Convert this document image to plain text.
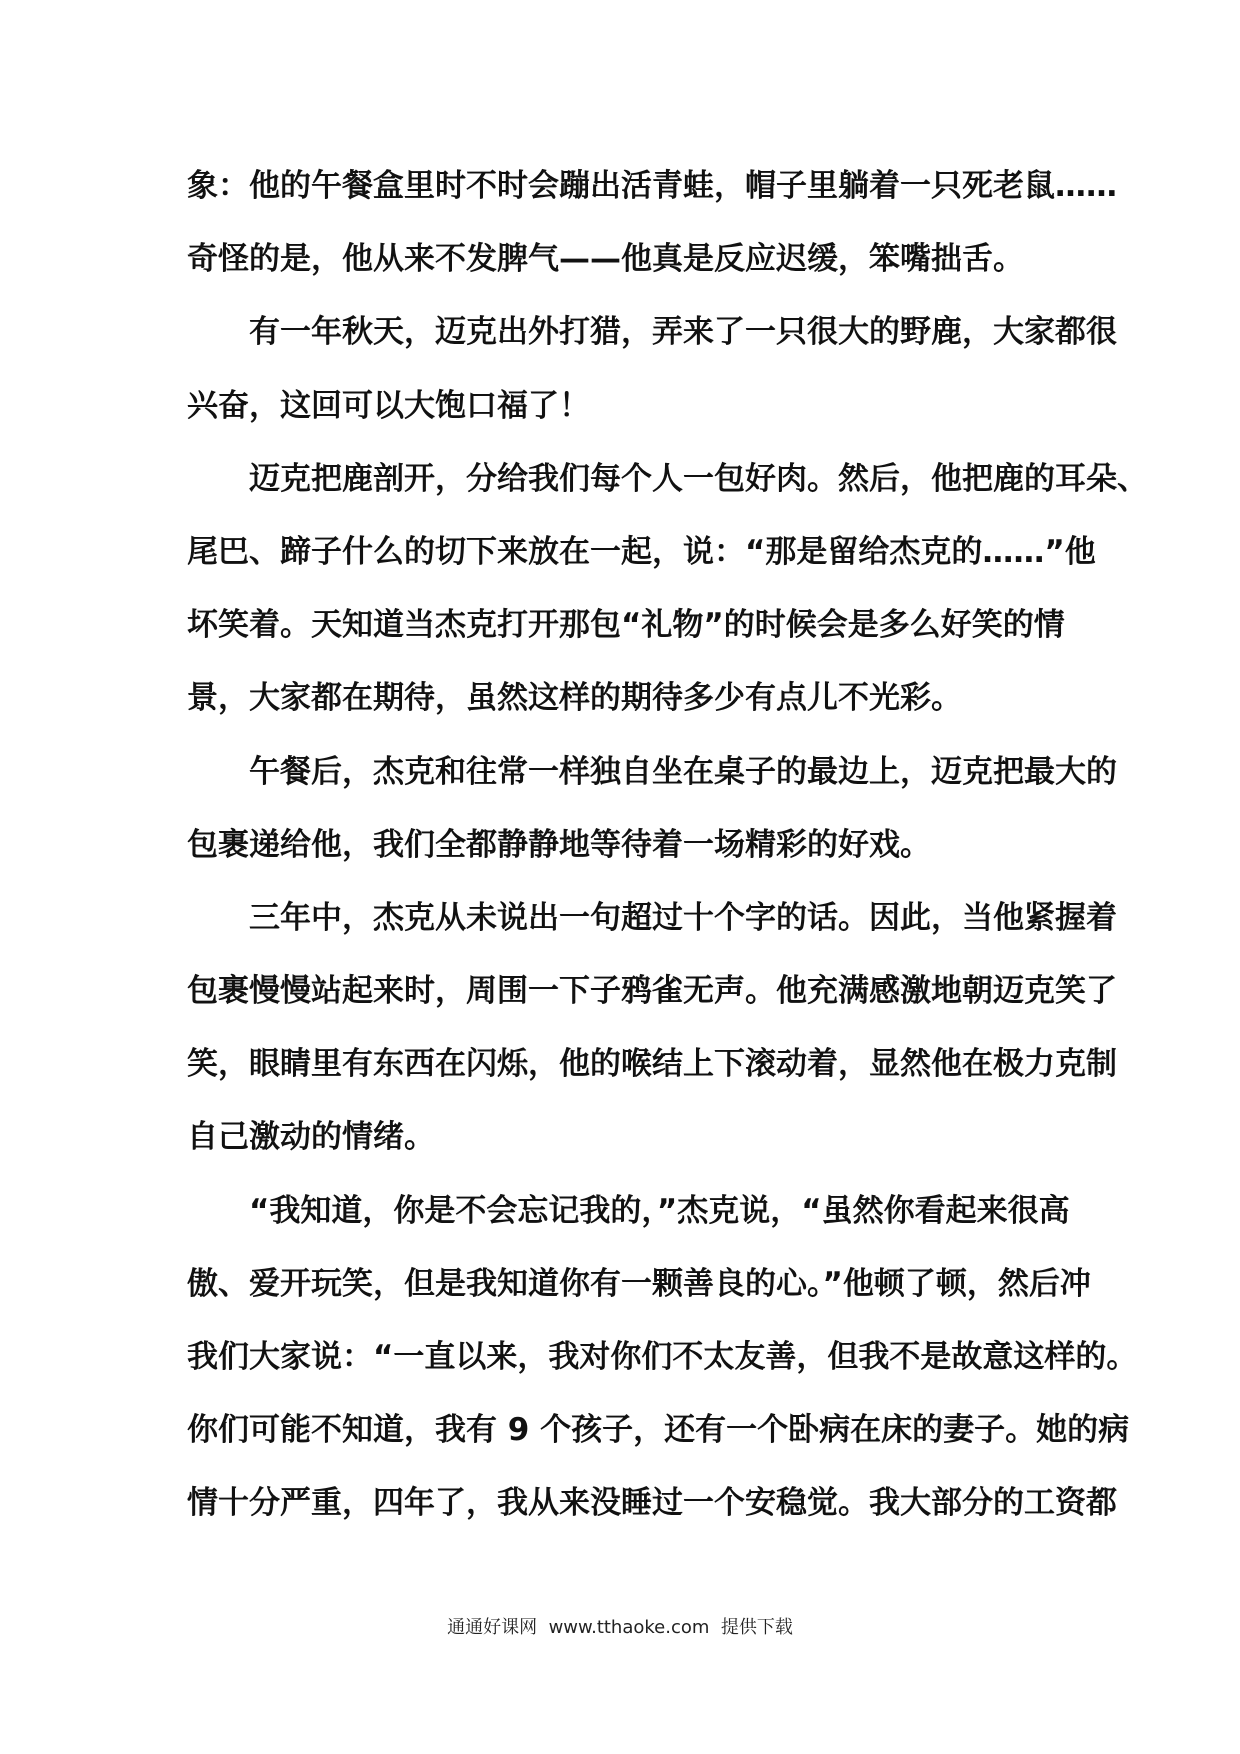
象：他的午餐盒里时不时会蹦出活青蛙，帽子里躺着一只死老鼠……
奇怪的是，他从来不发脾气——他真是反应迟缓，笨嘴拙舌。
有一年秋天，迈克出外打猎，弄来了一只很大的野鹿，大家都很
兴奋，这回可以大饱口福了！
迈克把鹿剖开，分给我们每个人一包好肉。然后，他把鹿的耳朵、
尾巴、蹄子什么的切下来放在一起，说：“那是留给杰克的……”他
坏笑着。天知道当杰克打开那包“礼物”的时候会是多么好笑的情
景，大家都在期待，虽然这样的期待多少有点儿不光彩。
午餐后，杰克和往常一样独自坐在桌子的最边上，迈克把最大的
包裹递给他，我们全都静静地等待着一场精彩的好戏。
三年中，杰克从未说出一句超过十个字的话。因此，当他紧握着
包裹慢慢站起来时，周围一下子鸦雀无声。他充满感激地朝迈克笑了
笑，眼睛里有东西在闪烁，他的喉结上下滚动着，显然他在极力克制
自己激动的情绪。
“我知道，你是不会忘记我的，”杰克说，“虽然你看起来很高
傲、爱开玩笑，但是我知道你有一颗善良的心。”他顿了顿，然后冲
我们大家说：“一直以来，我对你们不太友善，但我不是故意这样的。
你们可能不知道，我有 9 个孩子，还有一个卧病在床的妻子。她的病
情十分严重，四年了，我从来没睡过一个安稳觉。我大部分的工资都
通通好课网  www.tthaoke.com  提供下载
